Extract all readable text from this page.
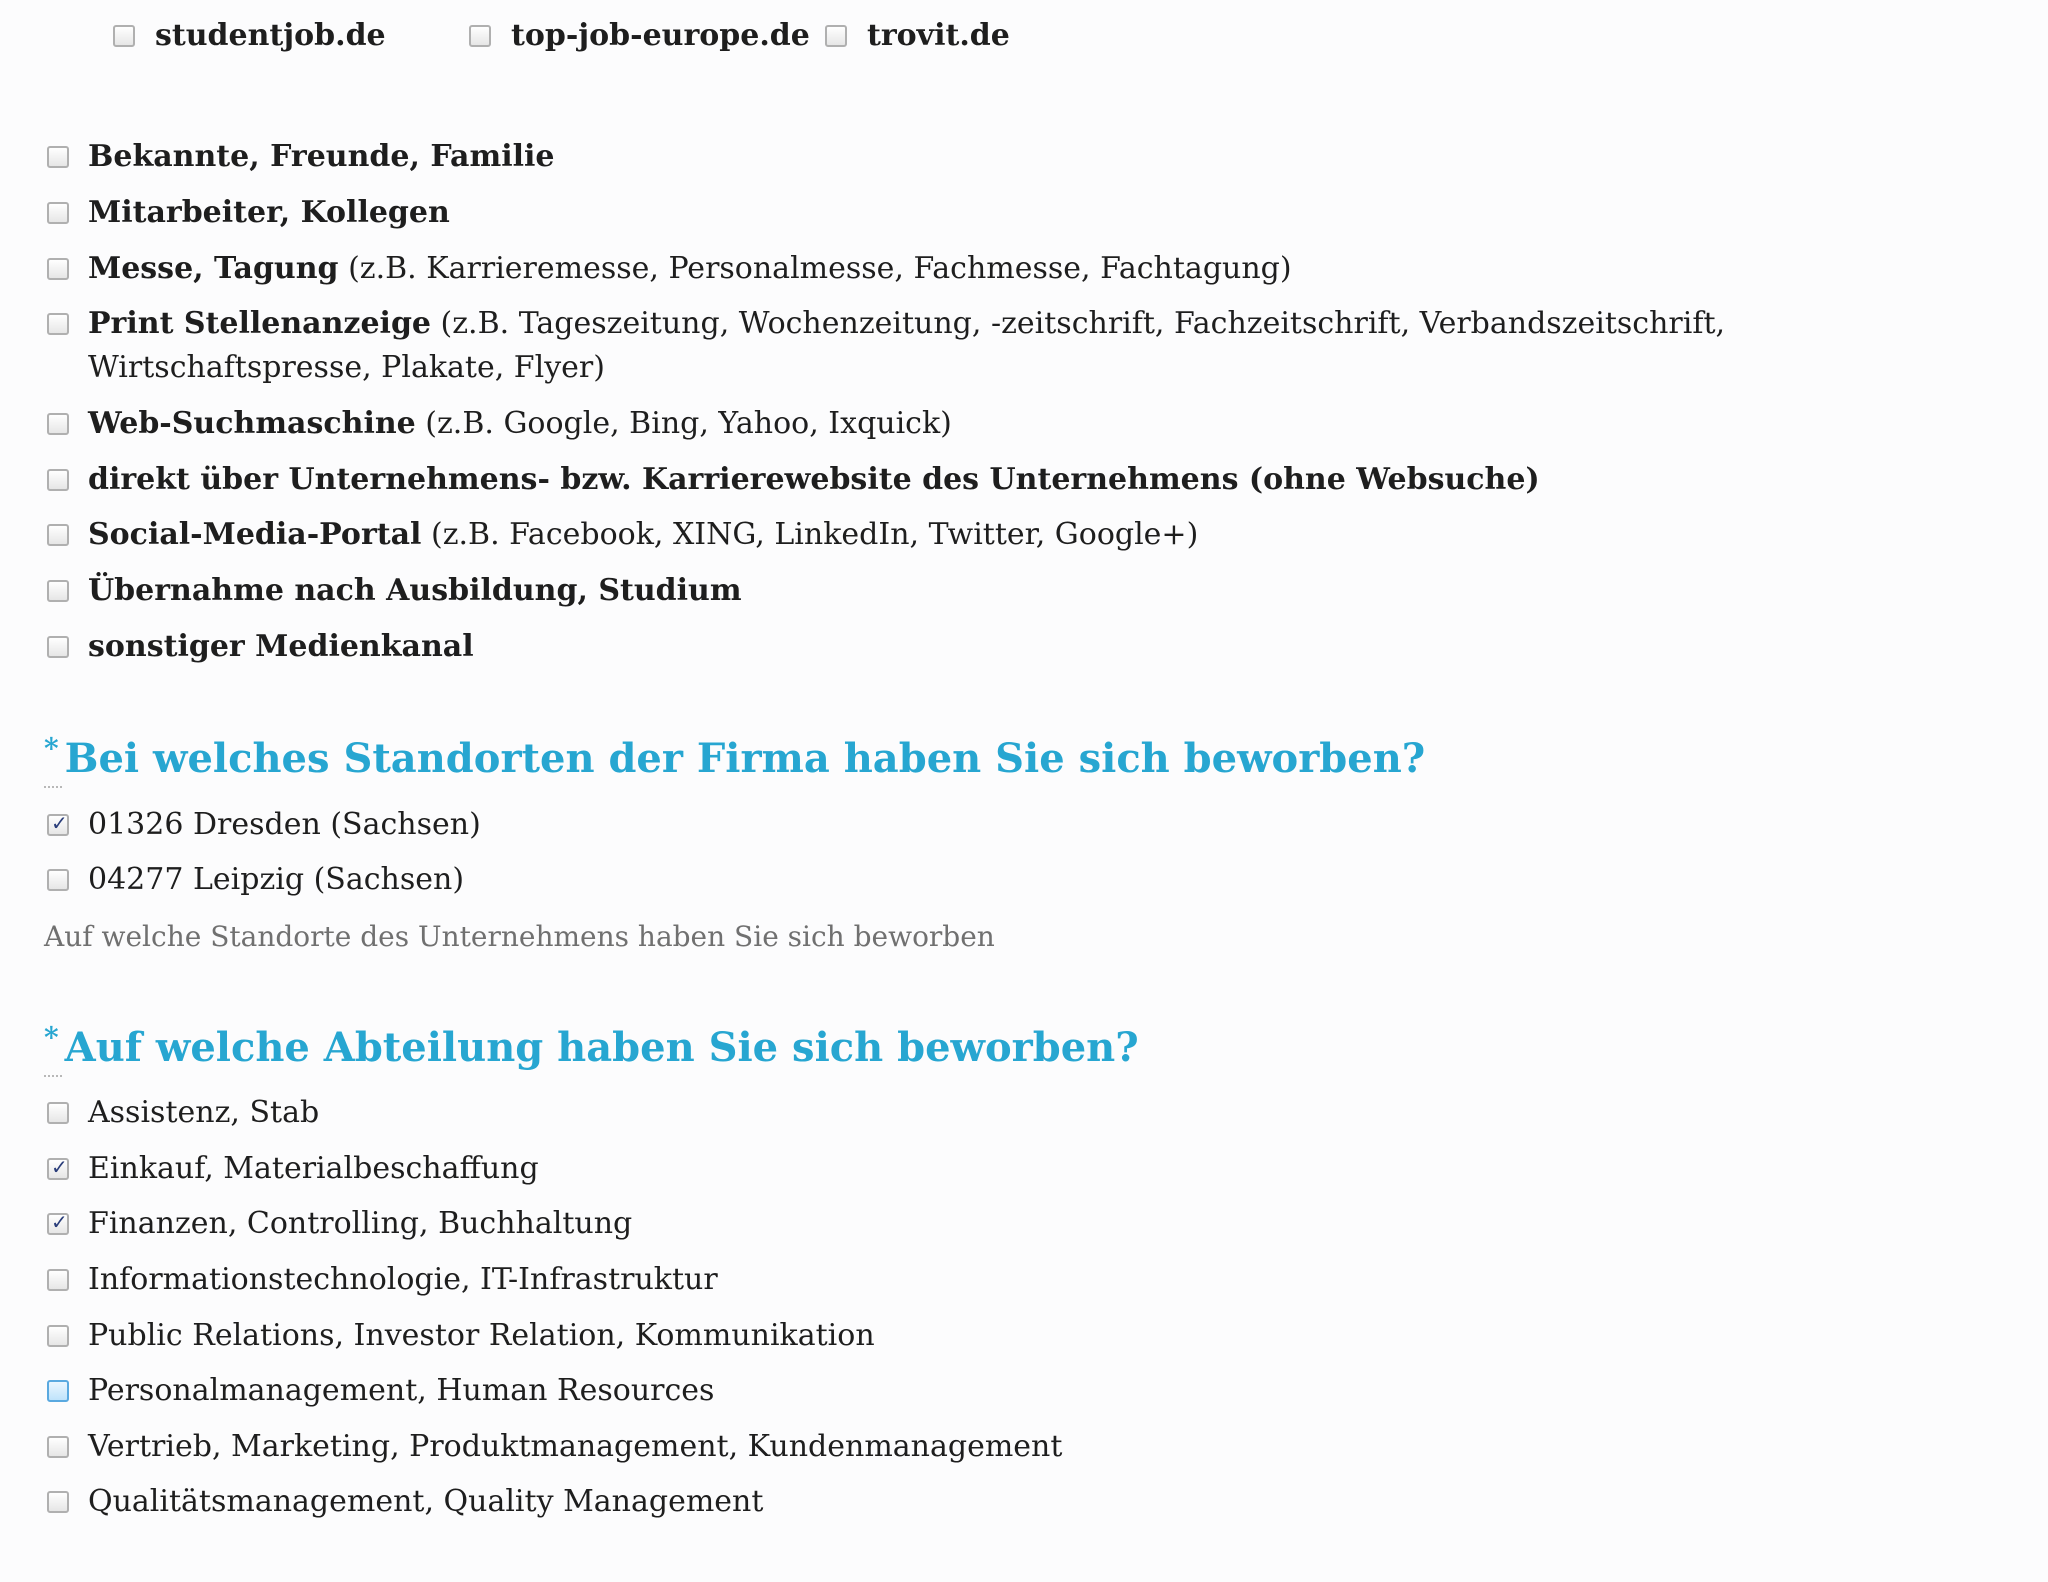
studentjob.de	top-job-europe.de trovit.de
Bekannte, Freunde, Familie
Mitarbeiter, Kollegen
Messe, Tagung (z.B. Karrieremesse, Personalmesse, Fachmesse, Fachtagung)
Print Stellenanzeige (z.B. Tageszeitung, Wochenzeitung, -zeitschrift, Fachzeitschrift, Verbandszeitschrift, Wirtschaftspresse, Plakate, Flyer)
Web-Suchmaschine (z.B. Google, Bing, Yahoo, Ixquick)
direkt über Unternehmens- bzw. Karrierewebsite des Unternehmens (ohne Websuche)
Social-Media-Portal (z.B. Facebook, XING, LinkedIn, Twitter, Google+)
Übernahme nach Ausbildung, Studium
sonstiger Medienkanal
* Bei welches Standorten der Firma haben Sie sich beworben?
✓
01326 Dresden (Sachsen)
04277 Leipzig (Sachsen)
Auf welche Standorte des Unternehmens haben Sie sich beworben
* Auf welche Abteilung haben Sie sich beworben?
Assistenz, Stab
✓
Einkauf, Materialbeschaffung
✓
Finanzen, Controlling, Buchhaltung
Informationstechnologie, IT-Infrastruktur
Public Relations, Investor Relation, Kommunikation
Personalmanagement, Human Resources
Vertrieb, Marketing, Produktmanagement, Kundenmanagement
Qualitätsmanagement, Quality Management
